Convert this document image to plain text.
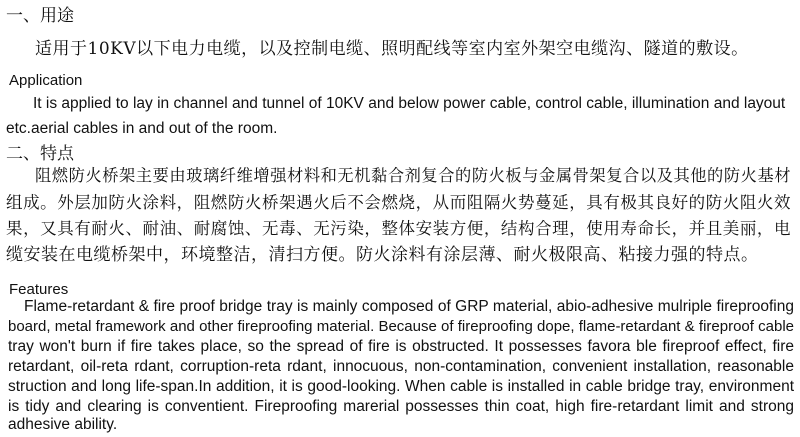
一、用途
适用于10KV以下电力电缆，以及控制电缆、照明配线等室内室外架空电缆沟、隧道的敷设。
Application
It is applied to lay in channel and tunnel of 10KV and below power cable, control cable, illumination and layout
etc.aerial cables in and out of the room.
二、特点
阻燃防火桥架主要由玻璃纤维增强材料和无机黏合剂复合的防火板与金属骨架复合以及其他的防火基材
组成。外层加防火涂料，阻燃防火桥架遇火后不会燃烧，从而阻隔火势蔓延，具有极其良好的防火阻火效
果，又具有耐火、耐油、耐腐蚀、无毒、无污染，整体安装方便，结构合理，使用寿命长，并且美丽，电
缆安装在电缆桥架中，环境整洁，清扫方便。防火涂料有涂层薄、耐火极限高、粘接力强的特点。
Features
Flame-retardant & fire proof bridge tray is mainly composed of GRP material, abio-adhesive mulriple fireproofing
board, metal framework and other fireproofing material. Because of fireproofing dope, flame-retardant & fireproof cable
tray won't burn if fire takes place, so the spread of fire is obstructed. It possesses favora ble fireproof effect, fire
retardant, oil-reta rdant, corruption-reta rdant, innocuous, non-contamination, convenient installation, reasonable
struction and long life-span.In addition, it is good-looking. When cable is installed in cable bridge tray, environment
is tidy and clearing is conventient. Fireproofing marerial possesses thin coat, high fire-retardant limit and strong
adhesive ability.
